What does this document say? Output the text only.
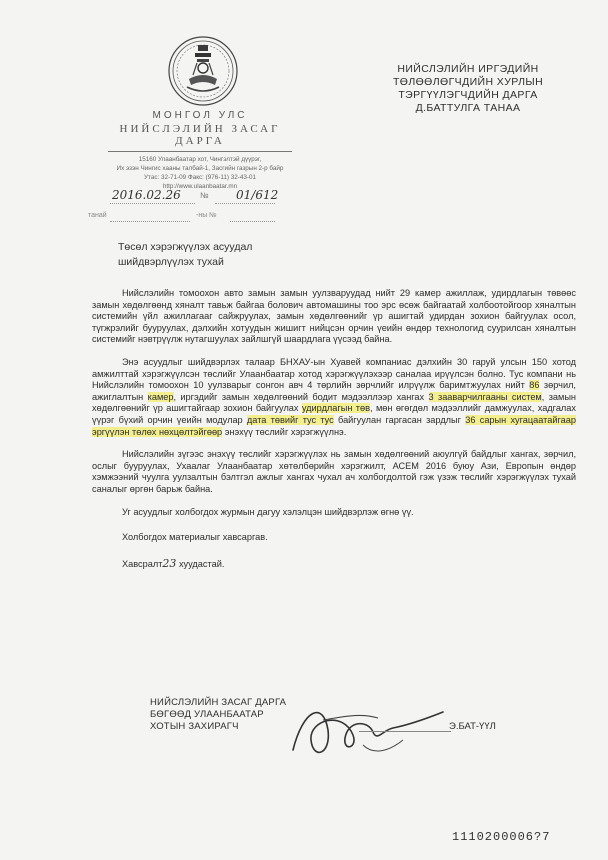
МОНГОЛ УЛС
НИЙСЛЭЛИЙН ЗАСАГ ДАРГА
15160 Улаанбаатар хот, Чингэлтэй дүүрэг,
Их эзэн Чингис хааны талбай-1, Засгийн газрын 2-р байр
Утас: 32-71-09 Факс: (976-11) 32-43-01
http://www.ulaanbaatar.mn
НИЙСЛЭЛИЙН ИРГЭДИЙН
ТӨЛӨӨЛӨГЧДИЙН ХУРЛЫН
ТЭРГҮҮЛЭГЧДИЙН ДАРГА
Д.БАТТУЛГА ТАНАА
2016.02.26 № 01/612
танай	-ны №
Төсөл хэрэгжүүлэх асуудал
шийдвэрлүүлэх тухай

Нийслэлийн томоохон авто замын замын уулзваруудад нийт 29 камер ажиллаж, удирдлагын төвөөс замын хөдөлгөөнд хяналт тавьж байгаа болович автомашины тоо эрс өсөж байгаатай холбоотойгоор хяналтын системийн үйл ажиллагааг сайжруулах, замын хөдөлгөөнийг үр ашигтай удирдан зохион байгуулах осол, түгжрэлийг бууруулах, дэлхийн хотуудын жишигт нийцсэн орчин үеийн өндөр технологид суурилсан хяналтын системийг нэвтрүүлж нутагшуулах зайлшгүй шаардлага үүсээд байна.

Энэ асуудлыг шийдвэрлэх талаар БНХАУ-ын Хуавей компаниас дэлхийн 30 гаруй улсын 150 хотод амжилттай хэрэгжүүлсэн төслийг Улаанбаатар хотод хэрэгжүүлэхээр саналаа ирүүлсэн болно. Тус компани нь Нийслэлийн томоохон 10 уулзварыг сонгон авч 4 төрлийн зөрчлийг илрүүлж баримтжуулах нийт 86 зөрчил, ажиглалтын камер, иргэдийг замын хөдөлгөөний бодит мэдээллээр хангах 3 зааварчилгааны систем, замын хөдөлгөөнийг үр ашигтайгаар зохион байгуулах удирдлагын төв, мөн өгөгдөл мэдээллийг дамжуулах, хадгалах үүрэг бүхий орчин үеийн модулар дата төвийг тус тус байгуулан гаргасан зардлыг 36 сарын хугацаатайгаар эргүүлэн төлөх нөхцөлтэйгөөр энэхүү төслийг хэрэгжүүлнэ.

Нийслэлийн зүгээс энэхүү төслийг хэрэгжүүлэх нь замын хөдөлгөөний аюулгүй байдлыг хангах, зөрчил, ослыг бууруулах, Ухаалаг Улаанбаатар хөтөлбөрийн хэрэгжилт, АСЕМ 2016 буюу Ази, Европын өндөр хэмжээний чуулга уулзалтын бэлтгэл ажлыг хангах чухал ач холбогдолтой гэж үзэж төслийг хэрэгжүүлэх тухай саналыг өргөн барьж байна.

Уг асуудлыг холбогдох журмын дагуу хэлэлцэн шийдвэрлэж өгнө үү.

Холбогдох материалыг хавсаргав.

Хавсралт23 хуудастай.

НИЙСЛЭЛИЙН ЗАСАГ ДАРГА
БӨГӨӨД УЛААНБААТАР
ХОТЫН ЗАХИРАГЧ	Э.БАТ-ҮҮЛ
1110200006?7
